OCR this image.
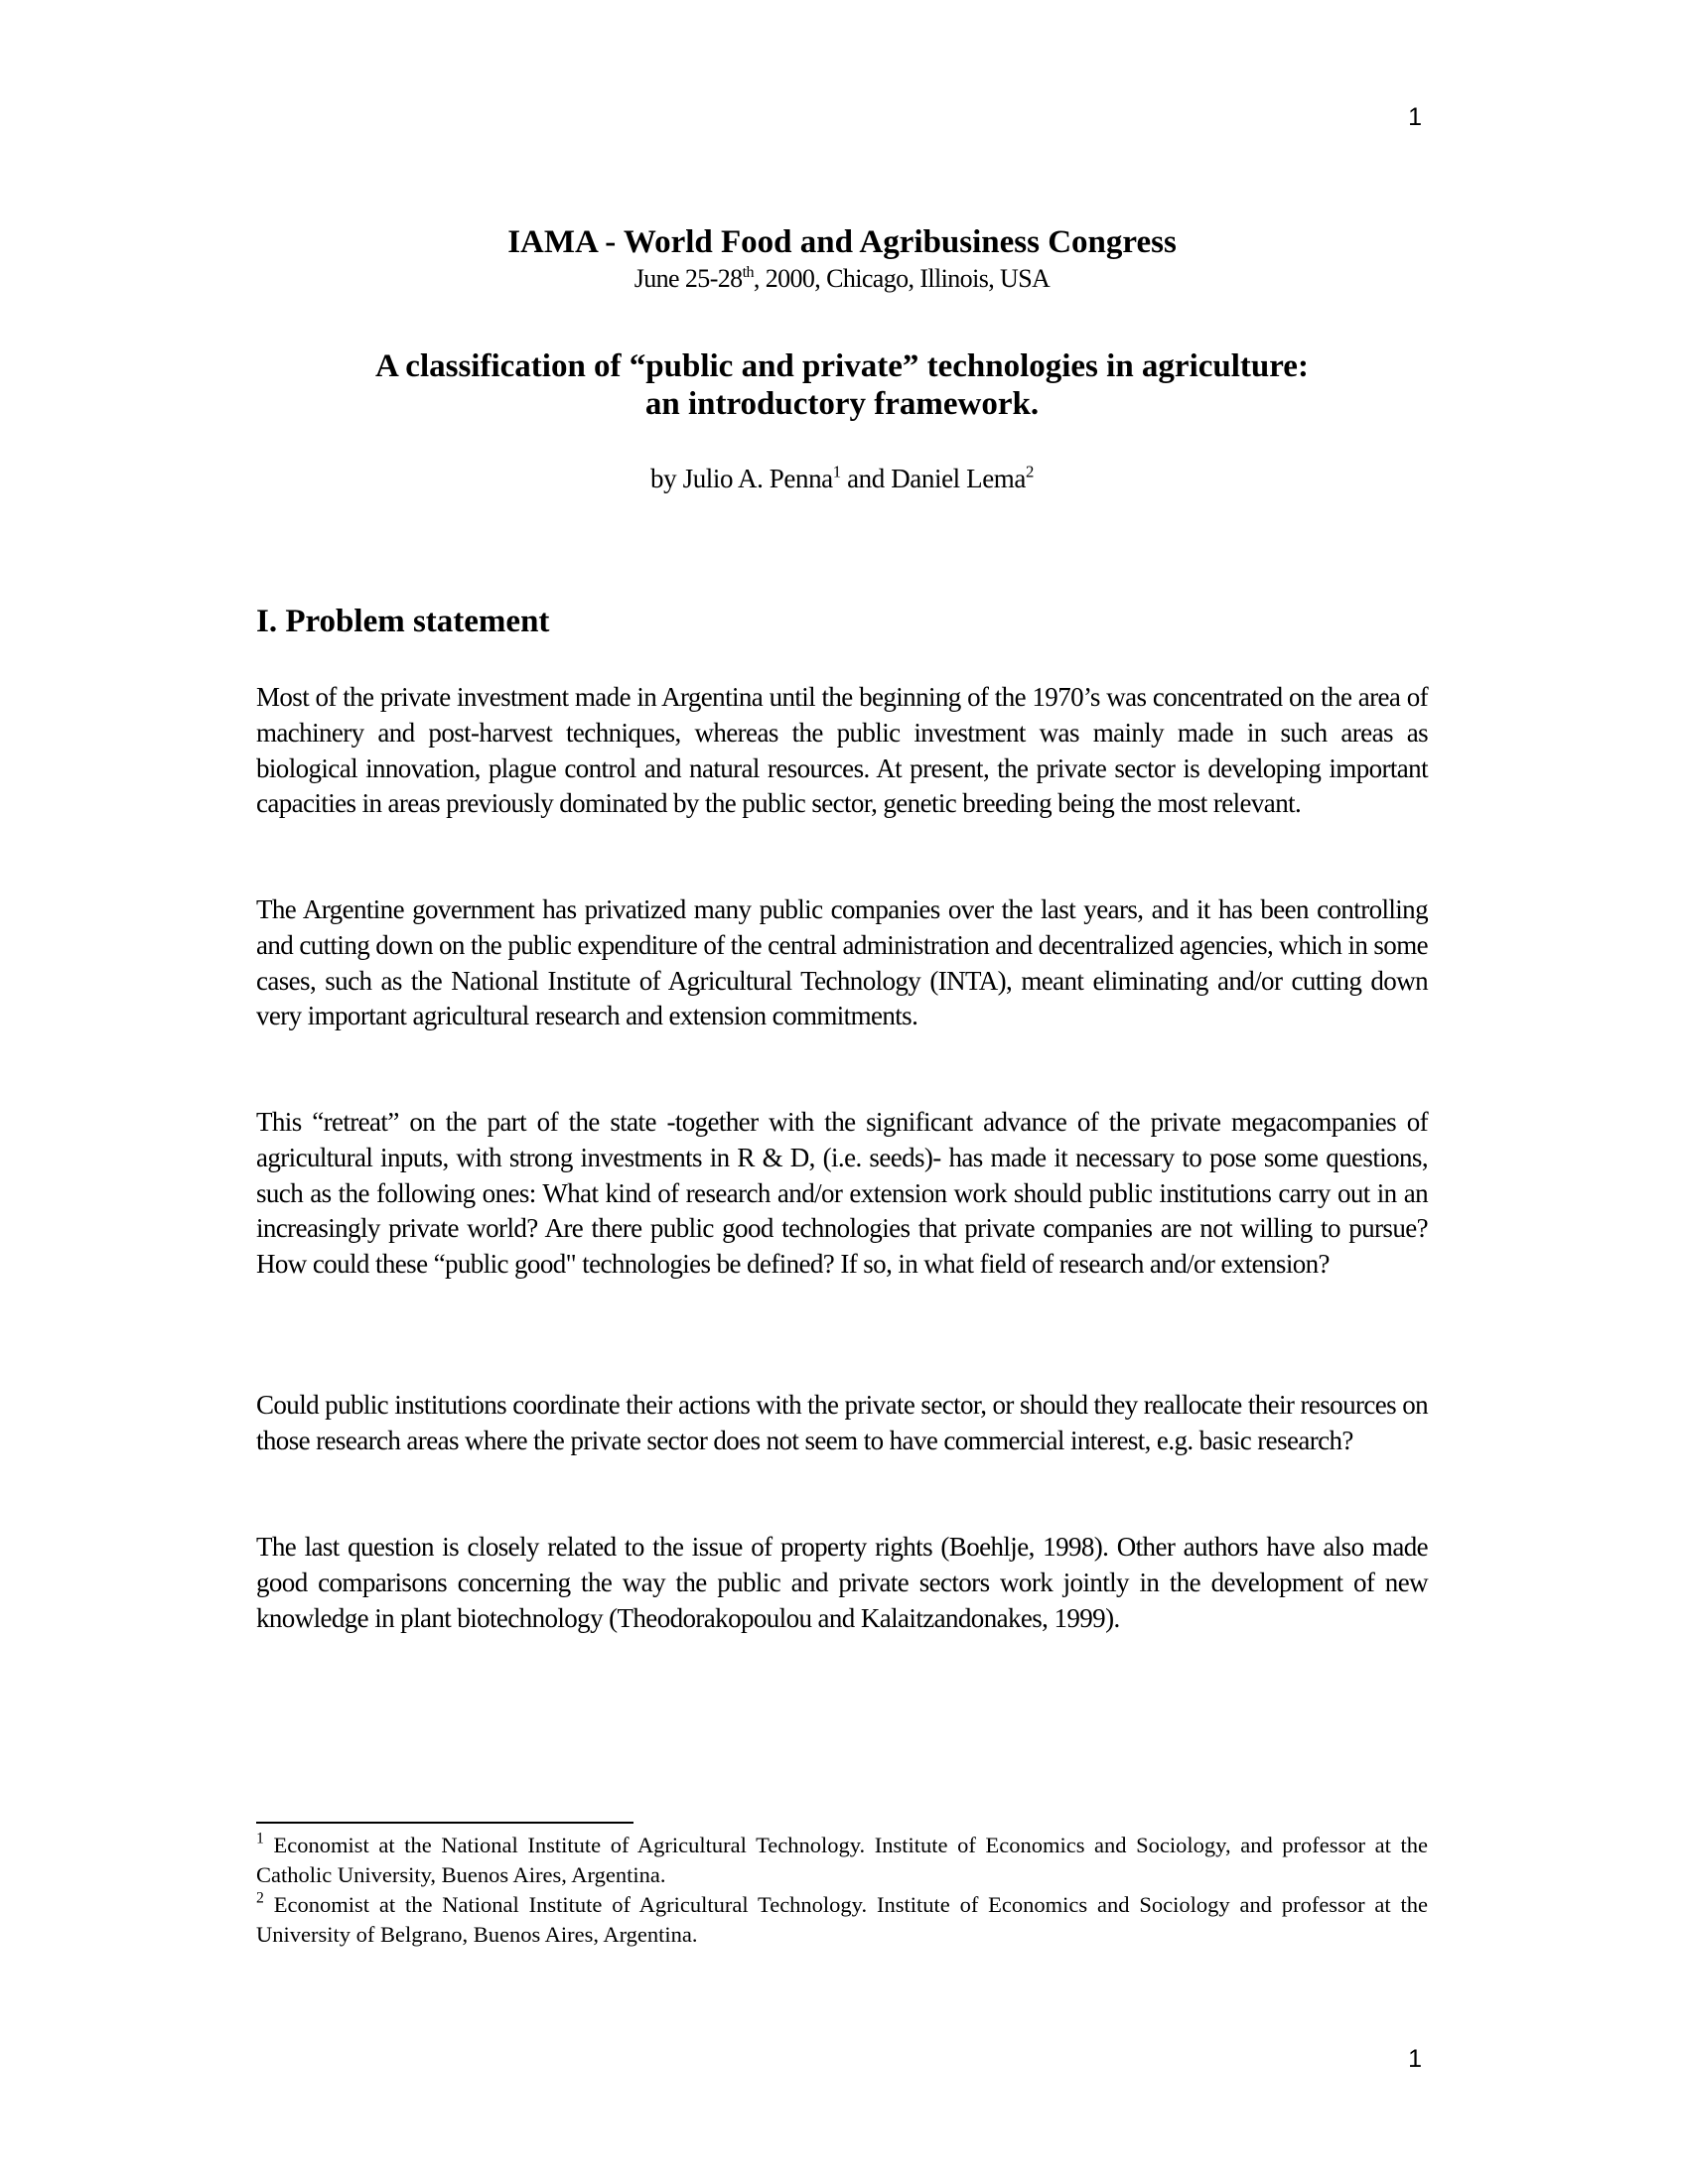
1
IAMA - World Food and Agribusiness Congress
June 25-28th, 2000, Chicago, Illinois, USA
A classification of “public and private” technologies in agriculture:
an introductory framework.
by Julio A. Penna$^1$ and Daniel Lema$^2$
I. Problem statement

Most of the private investment made in Argentina until the beginning of the 1970’s was concentrated on the area of machinery and post-harvest techniques, whereas the public investment was mainly made in such areas as biological innovation, plague control and natural resources. At present, the private sector is developing important capacities in areas previously dominated by the public sector, genetic breeding being the most relevant.

The Argentine government has privatized many public companies over the last years, and it has been controlling and cutting down on the public expenditure of the central administration and decentralized agencies, which in some cases, such as the National Institute of Agricultural Technology (INTA), meant eliminating and/or cutting down very important agricultural research and extension commitments.

This “retreat” on the part of the state -together with the significant advance of the private megacompanies of agricultural inputs, with strong investments in R & D, (i.e. seeds)- has made it necessary to pose some questions, such as the following ones: What kind of research and/or extension work should public institutions carry out in an increasingly private world? Are there public good technologies that private companies are not willing to pursue? How could these “public good" technologies be defined? If so, in what field of research and/or extension?

Could public institutions coordinate their actions with the private sector, or should they reallocate their resources on those research areas where the private sector does not seem to have commercial interest, e.g. basic research?

The last question is closely related to the issue of property rights (Boehlje, 1998). Other authors have also made good comparisons concerning the way the public and private sectors work jointly in the development of new knowledge in plant biotechnology (Theodorakopoulou and Kalaitzandonakes, 1999).

$^1$ Economist at the National Institute of Agricultural Technology. Institute of Economics and Sociology, and professor at the Catholic University, Buenos Aires, Argentina.

$^2$ Economist at the National Institute of Agricultural Technology. Institute of Economics and Sociology and professor at the University of Belgrano, Buenos Aires, Argentina.

1
